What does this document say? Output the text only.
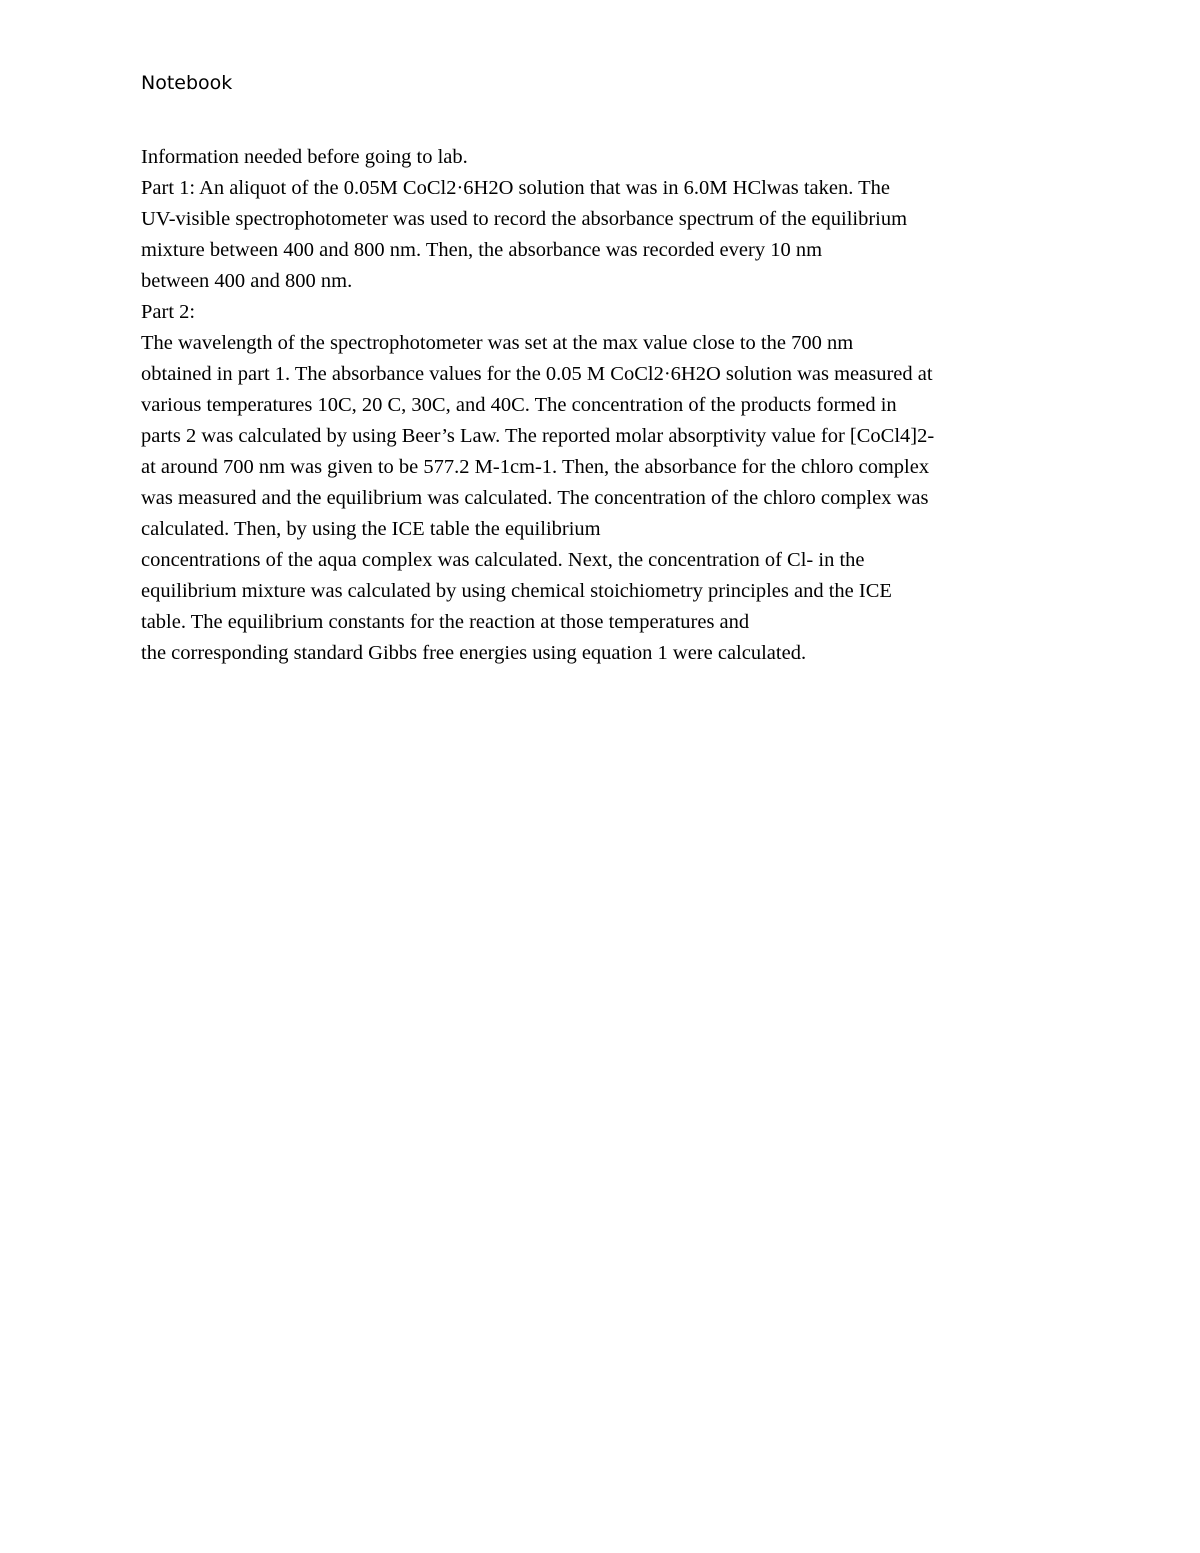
Notebook
Information needed before going to lab.
Part 1: An aliquot of the 0.05M CoCl2·6H2O solution that was in 6.0M HClwas taken. The
UV-visible spectrophotometer was used to record the absorbance spectrum of the equilibrium
mixture between 400 and 800 nm. Then, the absorbance was recorded every 10 nm
between 400 and 800 nm.
Part 2:
The wavelength of the spectrophotometer was set at the max value close to the 700 nm
obtained in part 1. The absorbance values for the 0.05 M CoCl2·6H2O solution was measured at
various temperatures 10C, 20 C, 30C, and 40C. The concentration of the products formed in
parts 2 was calculated by using Beer’s Law. The reported molar absorptivity value for [CoCl4]2-
at around 700 nm was given to be 577.2 M-1cm-1. Then, the absorbance for the chloro complex
was measured and the equilibrium was calculated. The concentration of the chloro complex was
calculated. Then, by using the ICE table the equilibrium
concentrations of the aqua complex was calculated. Next, the concentration of Cl- in the
equilibrium mixture was calculated by using chemical stoichiometry principles and the ICE
table. The equilibrium constants for the reaction at those temperatures and
the corresponding standard Gibbs free energies using equation 1 were calculated.
